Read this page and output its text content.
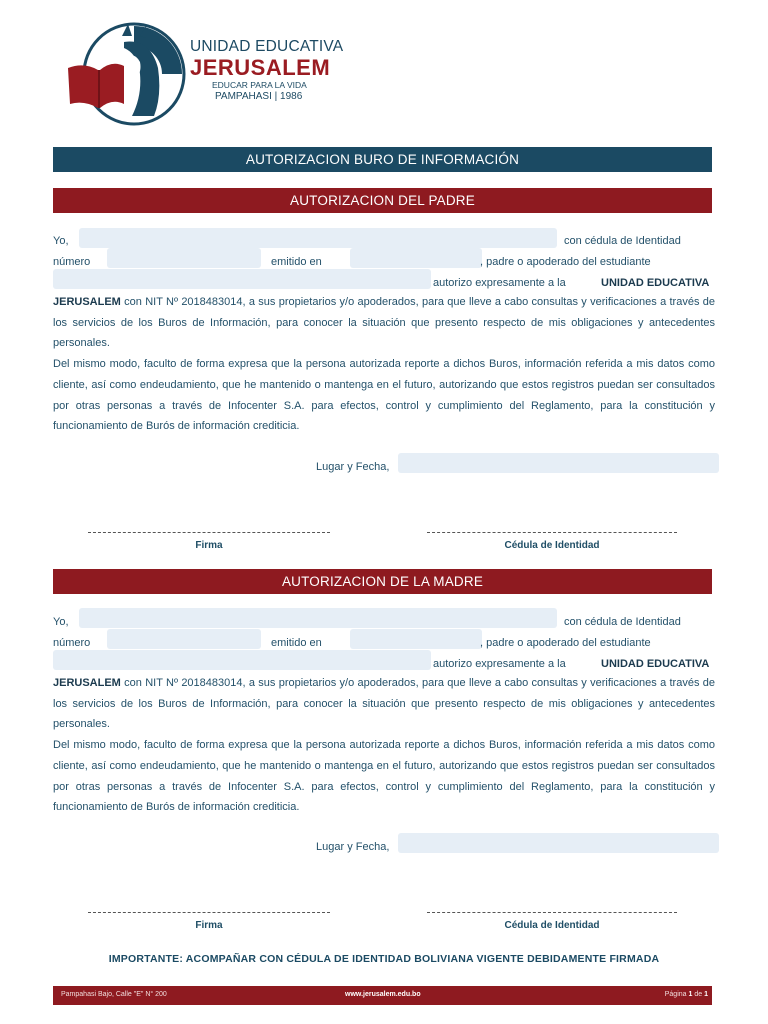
UNIDAD EDUCATIVA
JERUSALEM
EDUCAR PARA LA VIDA
PAMPAHASI | 1986
AUTORIZACION BURO DE INFORMACIÓN
AUTORIZACION DEL PADRE
Yo,	con cédula de Identidad
número	emitido en	, padre o apoderado del estudiante
autorizo expresamente a la	UNIDAD EDUCATIVA

JERUSALEM con NIT Nº 2018483014, a sus propietarios y/o apoderados, para que lleve a cabo consultas y verificaciones a través de los servicios de los Buros de Información, para conocer la situación que presento respecto de mis obligaciones y antecedentes personales.

Del mismo modo, faculto de forma expresa que la persona autorizada reporte a dichos Buros, información referida a mis datos como cliente, así como endeudamiento, que he mantenido o mantenga en el futuro, autorizando que estos registros puedan ser consultados por otras personas a través de Infocenter S.A. para efectos, control y cumplimiento del Reglamento, para la constitución y funcionamiento de Burós de información crediticia.

Lugar y Fecha,
Firma	Cédula de Identidad
AUTORIZACION DE LA MADRE
Yo,	con cédula de Identidad
número	emitido en	, padre o apoderado del estudiante
autorizo expresamente a la	UNIDAD EDUCATIVA

JERUSALEM con NIT Nº 2018483014, a sus propietarios y/o apoderados, para que lleve a cabo consultas y verificaciones a través de los servicios de los Buros de Información, para conocer la situación que presento respecto de mis obligaciones y antecedentes personales.

Del mismo modo, faculto de forma expresa que la persona autorizada reporte a dichos Buros, información referida a mis datos como cliente, así como endeudamiento, que he mantenido o mantenga en el futuro, autorizando que estos registros puedan ser consultados por otras personas a través de Infocenter S.A. para efectos, control y cumplimiento del Reglamento, para la constitución y funcionamiento de Burós de información crediticia.

Lugar y Fecha,
Firma	Cédula de Identidad
IMPORTANTE: ACOMPAÑAR CON CÉDULA DE IDENTIDAD BOLIVIANA VIGENTE DEBIDAMENTE FIRMADA
Pampahasi Bajo, Calle "E" N° 200	www.jerusalem.edu.bo	Página 1 de 1
